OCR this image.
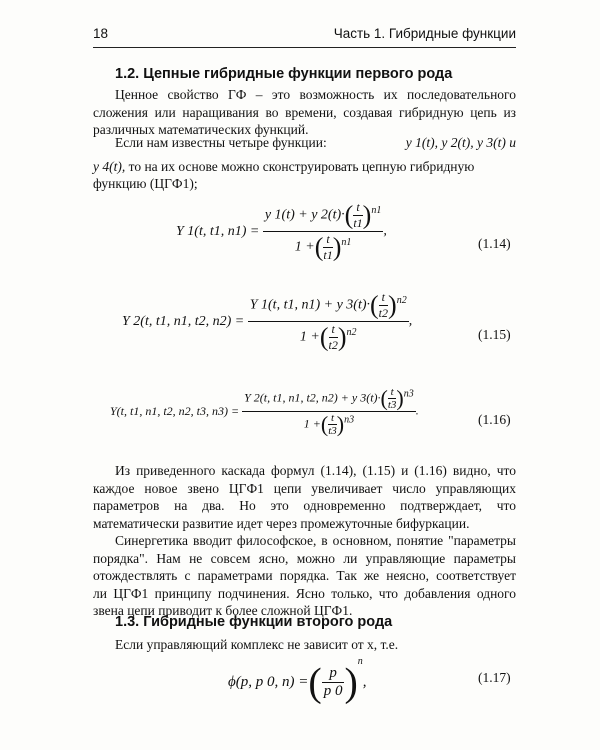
18	Часть 1. Гибридные функции
1.2. Цепные гибридные функции первого рода
Ценное свойство ГФ – это возможность их последовательного
сложения или наращивания во времени, создавая гибридную цепь из
различных математических функций.
Если нам известны четыре функции:	y 1(t), y 2(t), y 3(t) и
y 4(t), то на их основе можно сконструировать цепную гибридную
функцию (ЦГФ1);
Y 1(t, t1, $n1) = \frac{y 1(t) + y 2(t)\cdot( \frac{t}{t1} )^{n1}}{1 +( \frac{t}{t1} )^{n1}}$ ,
(1.14)
Y 2(t, t1, n1, t2, $n2) = \frac{Y 1(t, t1, n1) + y 3(t)\cdot( \frac{t}{t2} )^{n2}}{1 +( \frac{t}{t2} )^{n2}}$ ,
(1.15)
Y(t, t1, n1, t2, n2, t3, $n3) = \frac{Y 2(t, t1, n1, t2, n2) + y 3(t)\cdot( \frac{t}{t3} )^{n3}}{1 +( \frac{t}{t3} )^{n3}}$ .
(1.16)
Из приведенного каскада формул (1.14), (1.15) и (1.16) видно, что
каждое новое звено ЦГФ1 цепи увеличивает число управляющих
параметров на два. Но это одновременно подтверждает, что
математически развитие идет через промежуточные бифуркации.
Синергетика вводит философское, в основном, понятие "параметры
порядка". Нам не совсем ясно, можно ли управляющие параметры
отождествлять с параметрами порядка. Так же неясно, соответствует
ли ЦГФ1 принципу подчинения. Ясно только, что добавления одного
звена цепи приводит к более сложной ЦГФ1.
1.3. Гибридные функции второго рода
Если управляющий комплекс не зависит от x, т.е.
ϕ(p, p 0, n) =( $\frac{p}{p 0} )^n$,	(1.17)
